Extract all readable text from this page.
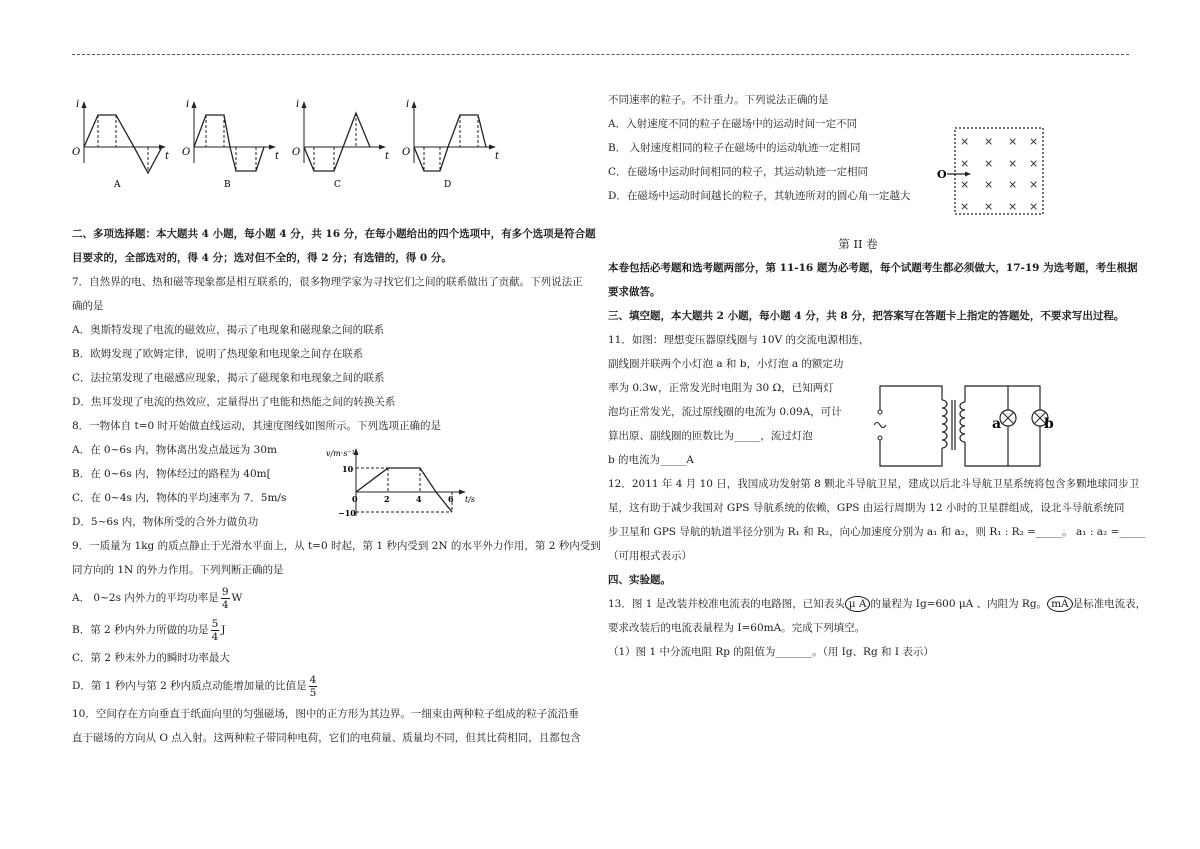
i
O	t
A
i
O	t
B
i
O	t
C
i
O	t
D

二、多项选择题：本大题共 4 小题，每小题 4 分，共 16 分，在每小题给出的四个选项中，有多个选项是符合题

目要求的，全部选对的，得 4 分；选对但不全的，得 2 分；有选错的，得 0 分。

7．自然界的电、热和磁等现象都是相互联系的，很多物理学家为寻找它们之间的联系做出了贡献。下列说法正

确的是

A．奥斯特发现了电流的磁效应，揭示了电现象和磁现象之间的联系

B．欧姆发现了欧姆定律，说明了热现象和电现象之间存在联系

C．法拉第发现了电磁感应现象，揭示了磁现象和电现象之间的联系

D．焦耳发现了电流的热效应，定量得出了电能和热能之间的转换关系

8．一物体自 t=0 时开始做直线运动，其速度图线如图所示。下列选项正确的是

A．在 0~6s 内，物体离出发点最远为 30m

B．在 0~6s 内，物体经过的路程为 40m[

C．在 0~4s 内，物体的平均速率为 7．5m/s

D．5~6s 内，物体所受的合外力做负功

9．一质量为 1kg 的质点静止于光滑水平面上，从 t=0 时起，第 1 秒内受到 2N 的水平外力作用，第 2 秒内受到

同方向的 1N 的外力作用。下列判断正确的是

A． 0~2s 内外力的平均功率是 $\frac{9}{4}$ W

B．第 2 秒内外力所做的功是 $\frac{5}{4}$ J

C．第 2 秒末外力的瞬时功率最大

D．第 1 秒内与第 2 秒内质点动能增加量的比值是 $\frac{4}{5}$

10．空间存在方向垂直于纸面向里的匀强磁场，图中的正方形为其边界。一细束由两种粒子组成的粒子流沿垂

直于磁场的方向从 O 点入射。这两种粒子带同种电荷，它们的电荷量、质量均不同，但其比荷相同，且都包含

v/m·s⁻¹
t/s
10
−10
0	2	4	6

不同速率的粒子。不计重力。下列说法正确的是

A．入射速度不同的粒子在磁场中的运动时间一定不同

B． 入射速度相同的粒子在磁场中的运动轨迹一定相同

C．在磁场中运动时间相同的粒子，其运动轨迹一定相同

D．在磁场中运动时间越长的粒子，其轨迹所对的圆心角一定越大

第 II 卷

本卷包括必考题和选考题两部分，第 11-16 题为必考题，每个试题考生都必须做大，17-19 为选考题，考生根据

要求做答。

三、填空题，本大题共 2 小题，每小题 4 分，共 8 分，把答案写在答题卡上指定的答题处，不要求写出过程。

11．如图：理想变压器原线圈与 10V 的交流电源相连，

副线圈并联两个小灯泡 a 和 b，小灯泡 a 的额定功

率为 0.3w，正常发光时电阻为 30 Ω，已知两灯

泡均正常发光，流过原线圈的电流为 0.09A，可计

算出原、副线圈的匝数比为_____，流过灯泡

b 的电流为_____A

12．2011 年 4 月 10 日，我国成功发射第 8 颗北斗导航卫星，建成以后北斗导航卫星系统将包含多颗地球同步卫

星，这有助于减少我国对 GPS 导航系统的依赖，GPS 由运行周期为 12 小时的卫星群组成，设北斗导航系统同

步卫星和 GPS 导航的轨道半径分别为 R₁ 和 R₂，向心加速度分别为 a₁ 和 a₂，则 R₁ : R₂ =_____。 a₁ : a₂ =_____

（可用根式表示）

四、实验题。

13．图 1 是改装并校准电流表的电路图，已知表头 μ A 的量程为 Ig=600 μA 、内阻为 Rg。 mA 是标准电流表，

要求改装后的电流表量程为 I=60mA。完成下列填空。

（1）图 1 中分流电阻 Rp 的阻值为_______。（用 Ig、Rg 和 I 表示）

× × × ×
× × × ×
× × × ×
× × × ×
O
a	b
